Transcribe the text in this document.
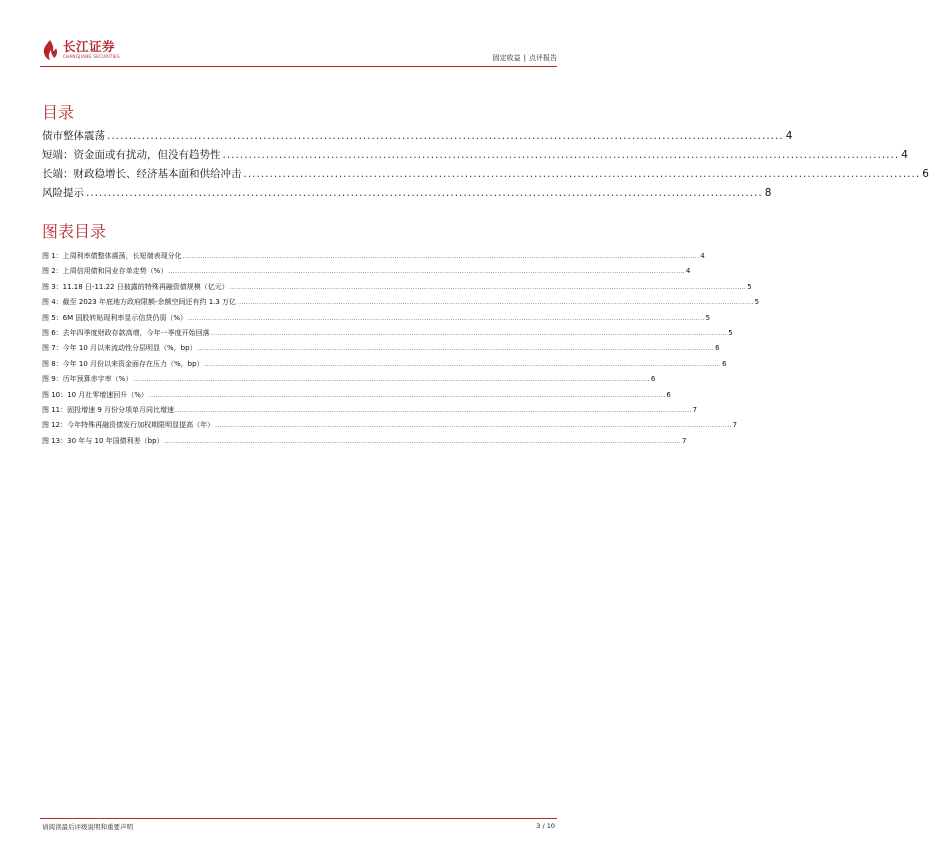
长江证券
CHANGJIANG SECURITIES	固定收益 | 点评报告
目录
债市整体震荡 ............................................................................................................................................................ 4
短端：资金面或有扰动，但没有趋势性 ............................................................................................................................................................ 4
长端：财政稳增长、经济基本面和供给冲击 ............................................................................................................................................................ 6
风险提示 ............................................................................................................................................................ 8
图表目录
图 1：上周利率债整体震荡，长短端表现分化 .......................................................................................................................................................................................................................................... 4
图 2：上周信用债和同业存单走势（%） .......................................................................................................................................................................................................................................... 4
图 3：11.18 日-11.22 日披露的特殊再融资债规模（亿元） .......................................................................................................................................................................................................................................... 5
图 4：截至 2023 年底地方政府限额-余额空间还有约 1.3 万亿 .......................................................................................................................................................................................................................................... 5
图 5：6M 国股转贴现利率显示信贷仍弱（%） .......................................................................................................................................................................................................................................... 5
图 6：去年四季度财政存款高增，今年一季度开始回落 .......................................................................................................................................................................................................................................... 5
图 7：今年 10 月以来流动性分层明显（%，bp） .......................................................................................................................................................................................................................................... 6
图 8：今年 10 月份以来资金面存在压力（%，bp） .......................................................................................................................................................................................................................................... 6
图 9：历年预算赤字率（%） .......................................................................................................................................................................................................................................... 6
图 10：10 月社零增速回升（%） .......................................................................................................................................................................................................................................... 6
图 11：固投增速 9 月份分项单月同比增速 .......................................................................................................................................................................................................................................... 7
图 12：今年特殊再融资债发行加权期限明显提高（年） .......................................................................................................................................................................................................................................... 7
图 13：30 年与 10 年国债利差（bp） .......................................................................................................................................................................................................................................... 7
请阅读最后评级说明和重要声明	3 / 10
